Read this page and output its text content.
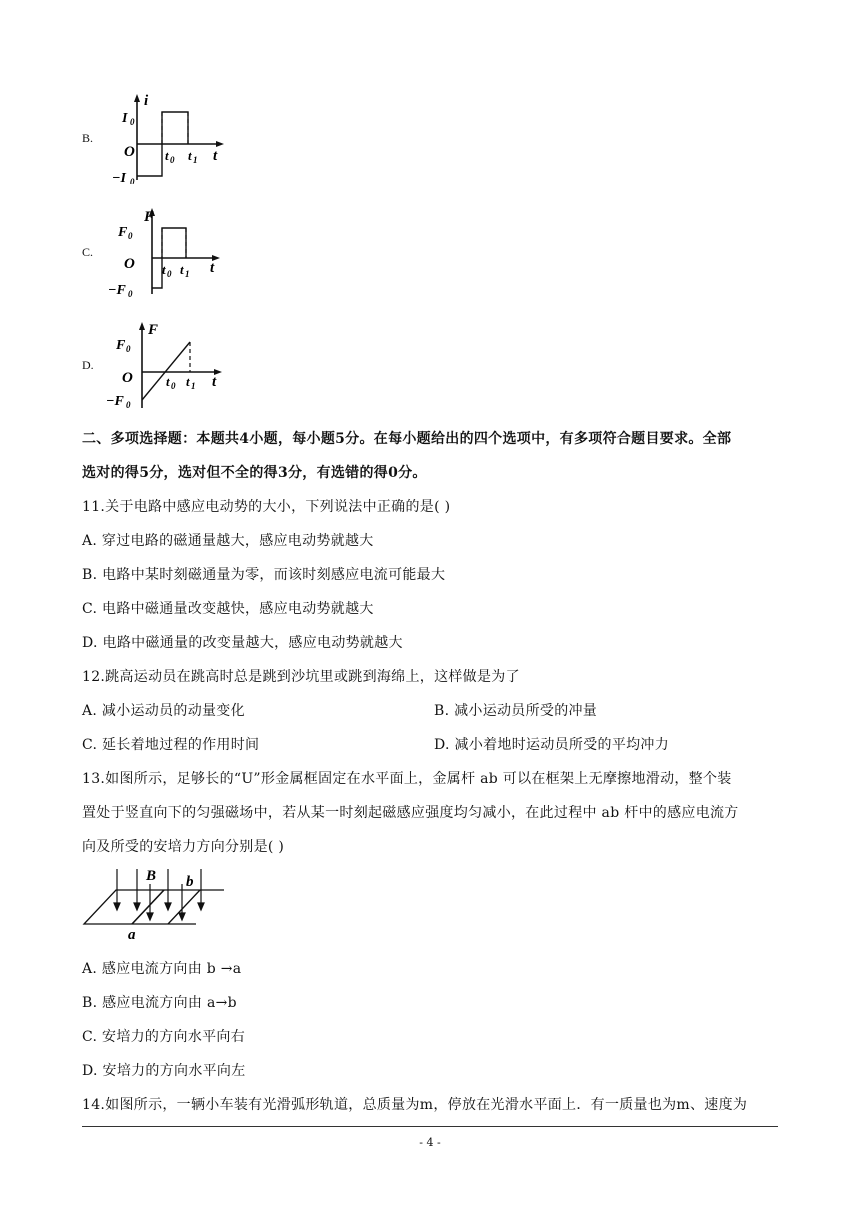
B.
i
I 0
O
−I 0
t 0 t 1 t
C.
F
F 0
O
−F 0
t 0 t 1 t
D.
F
F 0
O
−F 0
t 0 t 1 t
二、多项选择题：本题共4小题，每小题5分。在每小题给出的四个选项中，有多项符合题目要求。全部
选对的得5分，选对但不全的得3分，有选错的得0分。
11.关于电路中感应电动势的大小，下列说法中正确的是( )
A. 穿过电路的磁通量越大，感应电动势就越大
B. 电路中某时刻磁通量为零，而该时刻感应电流可能最大
C. 电路中磁通量改变越快，感应电动势就越大
D. 电路中磁通量的改变量越大，感应电动势就越大
12.跳高运动员在跳高时总是跳到沙坑里或跳到海绵上，这样做是为了
A. 减小运动员的动量变化	B. 减小运动员所受的冲量
C. 延长着地过程的作用时间	D. 减小着地时运动员所受的平均冲力
13.如图所示，足够长的“U”形金属框固定在水平面上，金属杆 ab 可以在框架上无摩擦地滑动，整个装
置处于竖直向下的匀强磁场中，若从某一时刻起磁感应强度均匀减小，在此过程中 ab 杆中的感应电流方
向及所受的安培力方向分别是( )
B
a
b
A. 感应电流方向由 b →a
B. 感应电流方向由 a→b
C. 安培力的方向水平向右
D. 安培力的方向水平向左
14.如图所示，一辆小车装有光滑弧形轨道，总质量为m，停放在光滑水平面上．有一质量也为m、速度为
- 4 -
